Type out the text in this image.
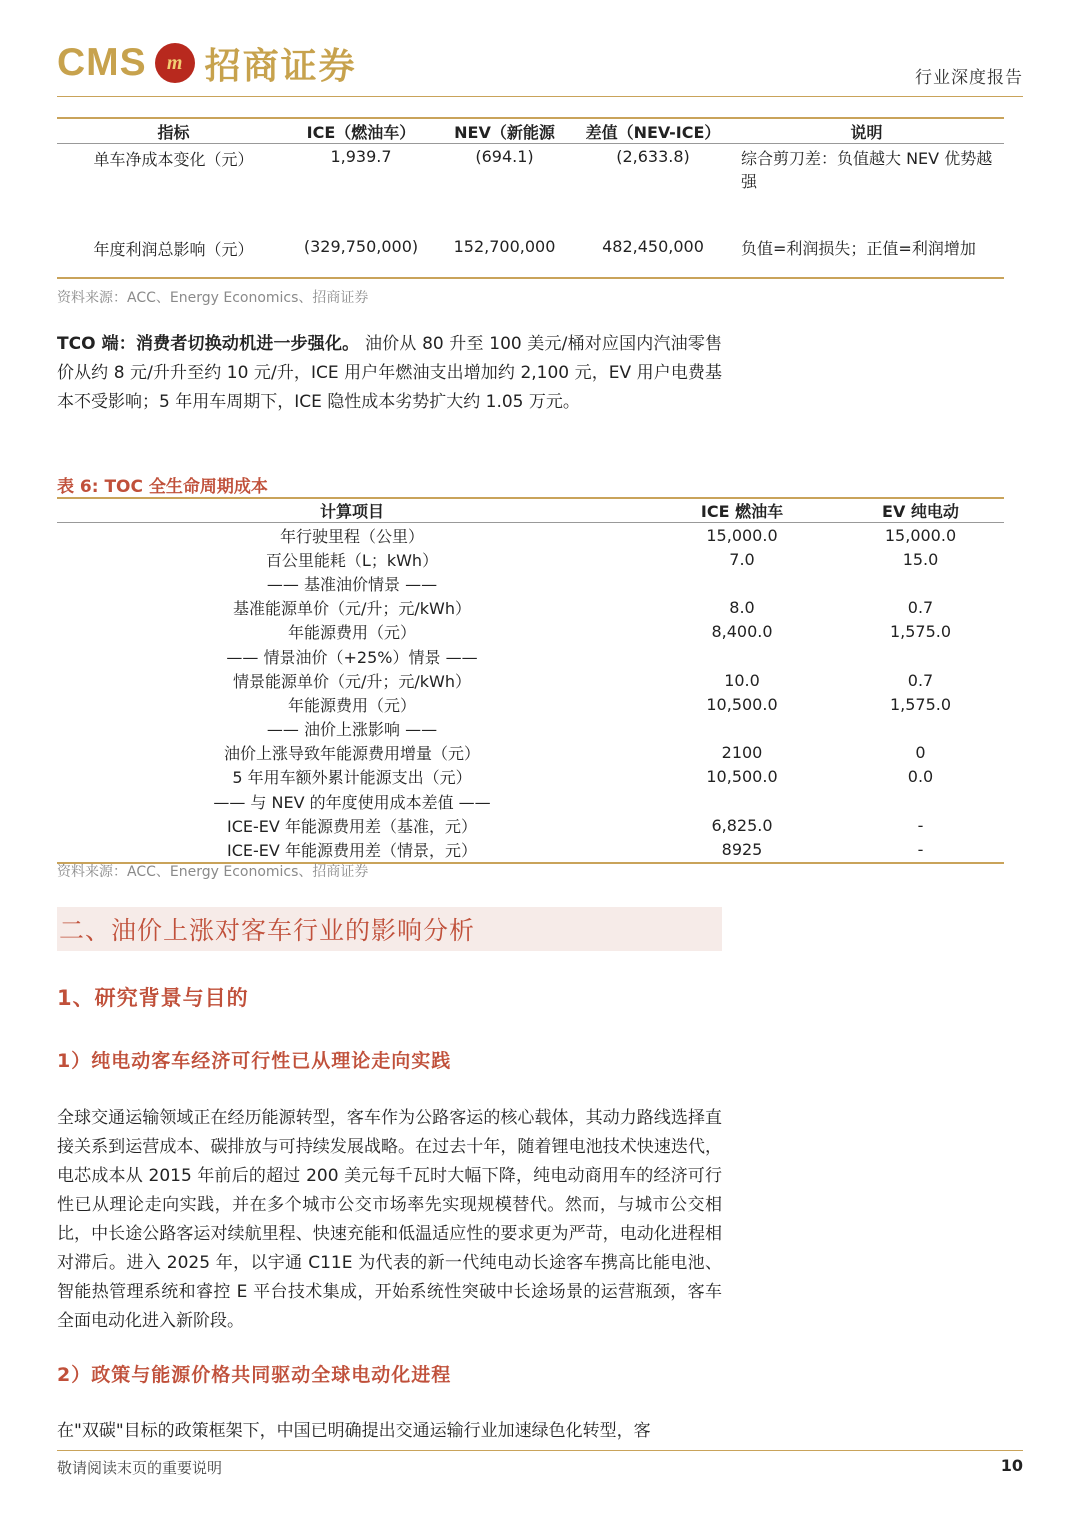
CMS	m 招商证券	行业深度报告
指标	ICE（燃油车）	NEV（新能源	差值（NEV-ICE）	说明
单车净成本变化（元）	1,939.7	(694.1)	(2,633.8)	综合剪刀差：负值越大 NEV 优势越强
年度利润总影响（元）	(329,750,000)	152,700,000	482,450,000	负值=利润损失；正值=利润增加
资料来源：ACC、Energy Economics、招商证券
TCO 端：消费者切换动机进一步强化。 油价从 80 升至 100 美元/桶对应国内汽油零售价从约 8 元/升升至约 10 元/升，ICE 用户年燃油支出增加约 2,100 元，EV 用户电费基本不受影响；5 年用车周期下，ICE 隐性成本劣势扩大约 1.05 万元。
表 6: TOC 全生命周期成本
计算项目	ICE 燃油车	EV 纯电动
年行驶里程（公里）	15,000.0	15,000.0
百公里能耗（L；kWh）	7.0	15.0
—— 基准油价情景 ——		
基准能源单价（元/升；元/kWh）	8.0	0.7
年能源费用（元）	8,400.0	1,575.0
—— 情景油价（+25%）情景 ——		
情景能源单价（元/升；元/kWh）	10.0	0.7
年能源费用（元）	10,500.0	1,575.0
—— 油价上涨影响 ——		
油价上涨导致年能源费用增量（元）	2100	0
5 年用车额外累计能源支出（元）	10,500.0	0.0
—— 与 NEV 的年度使用成本差值 ——		
ICE-EV 年能源费用差（基准，元）	6,825.0	-
ICE-EV 年能源费用差（情景，元）	8925	-
资料来源：ACC、Energy Economics、招商证券
二、油价上涨对客车行业的影响分析
1、研究背景与目的
1）纯电动客车经济可行性已从理论走向实践
全球交通运输领域正在经历能源转型，客车作为公路客运的核心载体，其动力路线选择直接关系到运营成本、碳排放与可持续发展战略。在过去十年，随着锂电池技术快速迭代，电芯成本从 2015 年前后的超过 200 美元每千瓦时大幅下降，纯电动商用车的经济可行性已从理论走向实践，并在多个城市公交市场率先实现规模替代。然而，与城市公交相比，中长途公路客运对续航里程、快速充能和低温适应性的要求更为严苛，电动化进程相对滞后。进入 2025 年，以宇通 C11E 为代表的新一代纯电动长途客车携高比能电池、智能热管理系统和睿控 E 平台技术集成，开始系统性突破中长途场景的运营瓶颈，客车全面电动化进入新阶段。
2）政策与能源价格共同驱动全球电动化进程
在"双碳"目标的政策框架下，中国已明确提出交通运输行业加速绿色化转型，客
敬请阅读末页的重要说明	10
